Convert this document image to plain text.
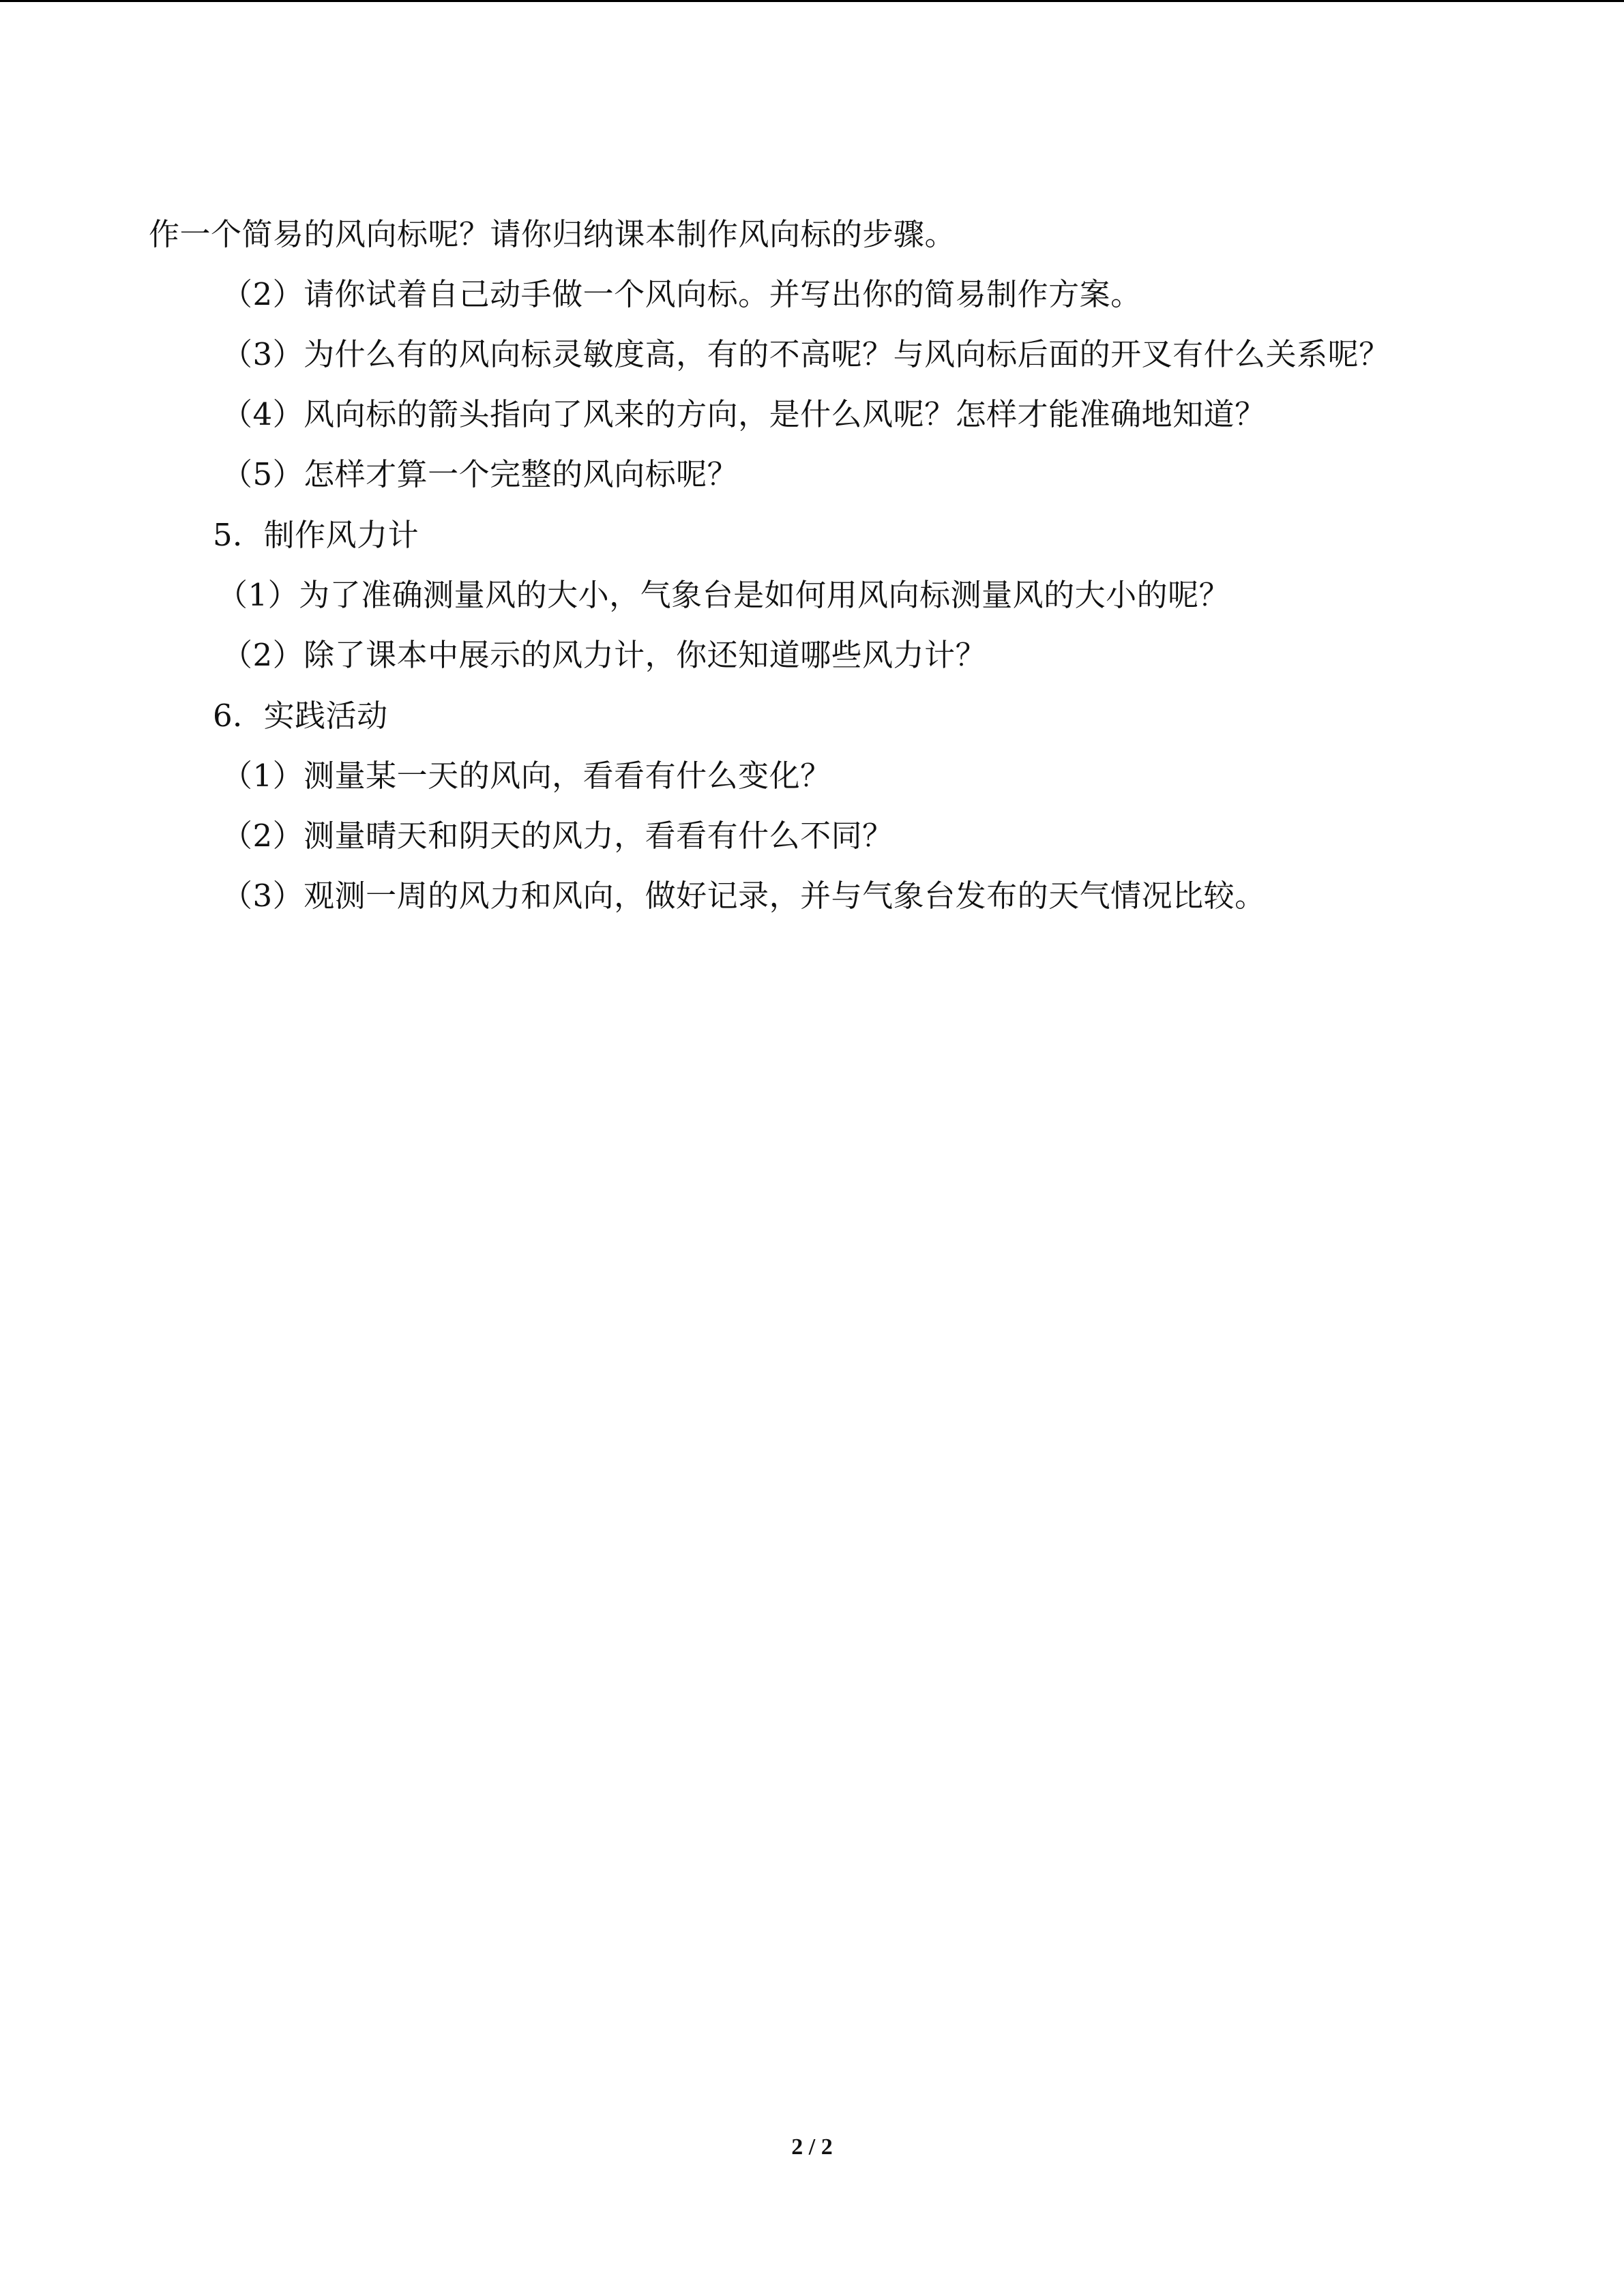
作一个简易的风向标呢？请你归纳课本制作风向标的步骤。
（2）请你试着自己动手做一个风向标。并写出你的简易制作方案。
（3）为什么有的风向标灵敏度高，有的不高呢？与风向标后面的开叉有什么关系呢？
（4）风向标的箭头指向了风来的方向，是什么风呢？怎样才能准确地知道？
（5）怎样才算一个完整的风向标呢？
5．制作风力计
（1）为了准确测量风的大小，气象台是如何用风向标测量风的大小的呢？
（2）除了课本中展示的风力计，你还知道哪些风力计？
6．实践活动
（1）测量某一天的风向，看看有什么变化？
（2）测量晴天和阴天的风力，看看有什么不同？
（3）观测一周的风力和风向，做好记录，并与气象台发布的天气情况比较。
2 / 2
